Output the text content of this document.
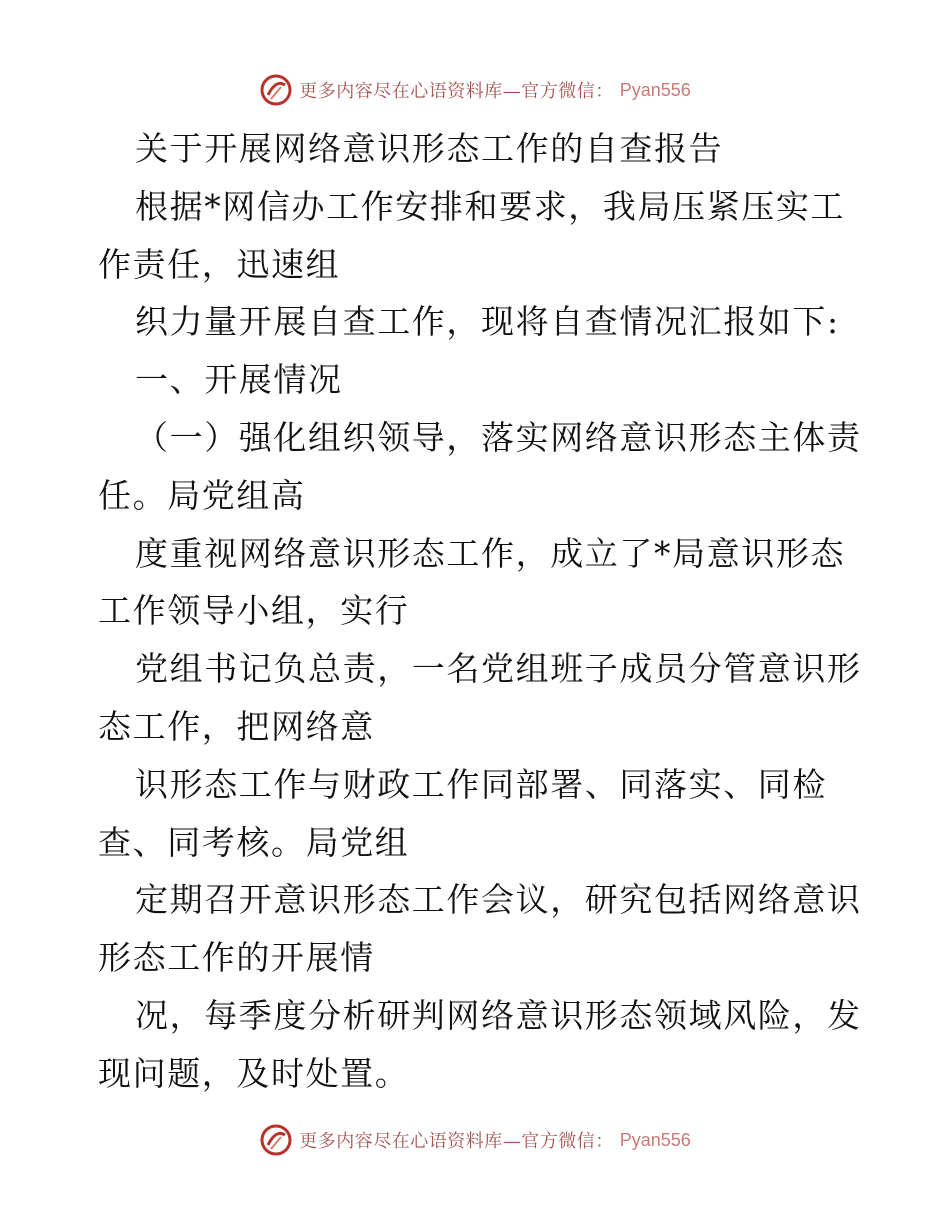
更多内容尽在心语资料库—官方微信： Pyan556

关于开展网络意识形态工作的自查报告

根据*网信办工作安排和要求，我局压紧压实工

作责任，迅速组

织力量开展自查工作，现将自查情况汇报如下:

一、开展情况

（一）强化组织领导，落实网络意识形态主体责

任。局党组高

度重视网络意识形态工作，成立了*局意识形态

工作领导小组，实行

党组书记负总责，一名党组班子成员分管意识形

态工作，把网络意

识形态工作与财政工作同部署、同落实、同检

查、同考核。局党组

定期召开意识形态工作会议，研究包括网络意识

形态工作的开展情

况，每季度分析研判网络意识形态领域风险，发

现问题，及时处置。

更多内容尽在心语资料库—官方微信： Pyan556
